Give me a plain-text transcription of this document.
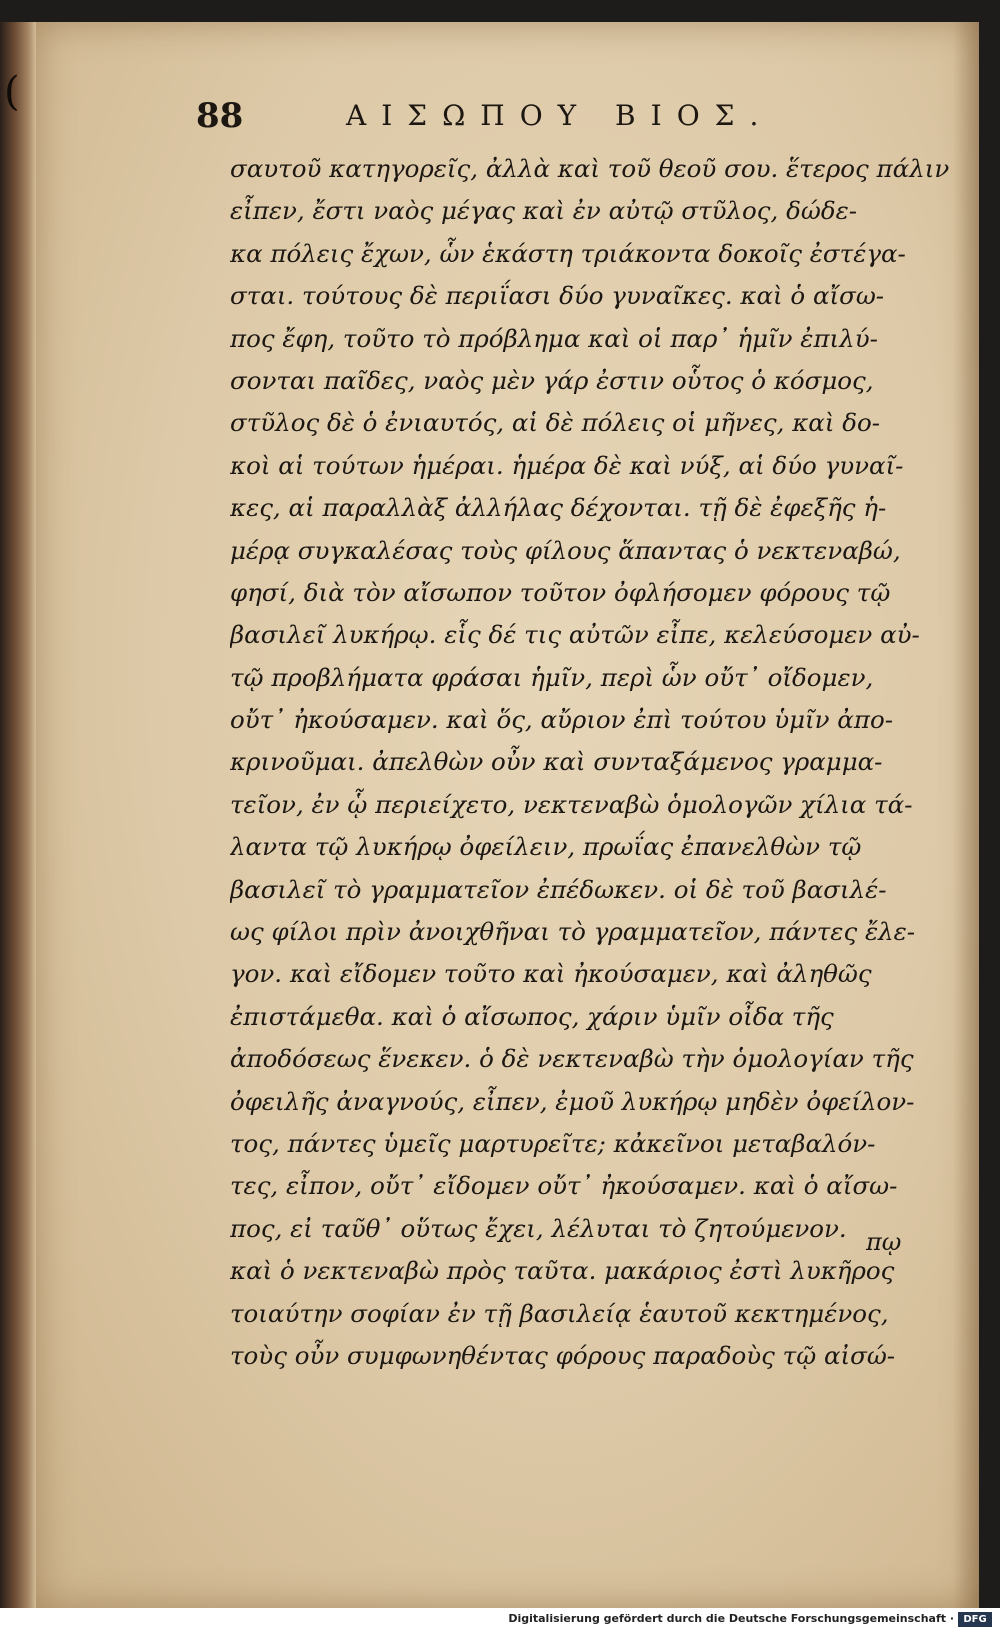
(
88	ΑΙΣΩΠΟΥ ΒΙΟΣ.
σαυτοῦ κατηγορεῖς, ἀλλὰ καὶ τοῦ θεοῦ σου. ἕτερος πάλιν
εἶπεν, ἔστι ναὸς μέγας καὶ ἐν αὐτῷ στῦλος, δώδε-
κα πόλεις ἔχων, ὧν ἑκάστη τριάκοντα δοκοῖς ἐστέγα-
σται. τούτους δὲ περιΐασι δύο γυναῖκες. καὶ ὁ αἴσω-
πος ἔφη, τοῦτο τὸ πρόβλημα καὶ οἱ παρ᾽ ἡμῖν ἐπιλύ-
σονται παῖδες, ναὸς μὲν γάρ ἐστιν οὗτος ὁ κόσμος,
στῦλος δὲ ὁ ἐνιαυτός, αἱ δὲ πόλεις οἱ μῆνες, καὶ δο-
κοὶ αἱ τούτων ἡμέραι. ἡμέρα δὲ καὶ νύξ, αἱ δύο γυναῖ-
κες, αἱ παραλλὰξ ἀλλήλας δέχονται. τῇ δὲ ἐφεξῆς ἡ-
μέρᾳ συγκαλέσας τοὺς φίλους ἅπαντας ὁ νεκτεναβώ,
φησί, διὰ τὸν αἴσωπον τοῦτον ὀφλήσομεν φόρους τῷ
βασιλεῖ λυκήρῳ. εἷς δέ τις αὐτῶν εἶπε, κελεύσομεν αὐ-
τῷ προβλήματα φράσαι ἡμῖν, περὶ ὧν οὔτ᾽ οἴδομεν,
οὔτ᾽ ἠκούσαμεν. καὶ ὅς, αὔριον ἐπὶ τούτου ὑμῖν ἀπο-
κρινοῦμαι. ἀπελθὼν οὖν καὶ συνταξάμενος γραμμα-
τεῖον, ἐν ᾧ περιείχετο, νεκτεναβὼ ὁμολογῶν χίλια τά-
λαντα τῷ λυκήρῳ ὀφείλειν, πρωΐας ἐπανελθὼν τῷ
βασιλεῖ τὸ γραμματεῖον ἐπέδωκεν. οἱ δὲ τοῦ βασιλέ-
ως φίλοι πρὶν ἀνοιχθῆναι τὸ γραμματεῖον, πάντες ἔλε-
γον. καὶ εἴδομεν τοῦτο καὶ ἠκούσαμεν, καὶ ἀληθῶς
ἐπιστάμεθα. καὶ ὁ αἴσωπος, χάριν ὑμῖν οἶδα τῆς
ἀποδόσεως ἕνεκεν. ὁ δὲ νεκτεναβὼ τὴν ὁμολογίαν τῆς
ὀφειλῆς ἀναγνούς, εἶπεν, ἐμοῦ λυκήρῳ μηδὲν ὀφείλον-
τος, πάντες ὑμεῖς μαρτυρεῖτε; κἀκεῖνοι μεταβαλόν-
τες, εἶπον, οὔτ᾽ εἴδομεν οὔτ᾽ ἠκούσαμεν. καὶ ὁ αἴσω-
πος, εἰ ταῦθ᾽ οὕτως ἔχει, λέλυται τὸ ζητούμενον.
καὶ ὁ νεκτεναβὼ πρὸς ταῦτα. μακάριος ἐστὶ λυκῆρος
τοιαύτην σοφίαν ἐν τῇ βασιλείᾳ ἑαυτοῦ κεκτημένος,
τοὺς οὖν συμφωνηθέντας φόρους παραδοὺς τῷ αἰσώ-
πῳ
Digitalisierung gefördert durch die Deutsche Forschungsgemeinschaft · DFG
